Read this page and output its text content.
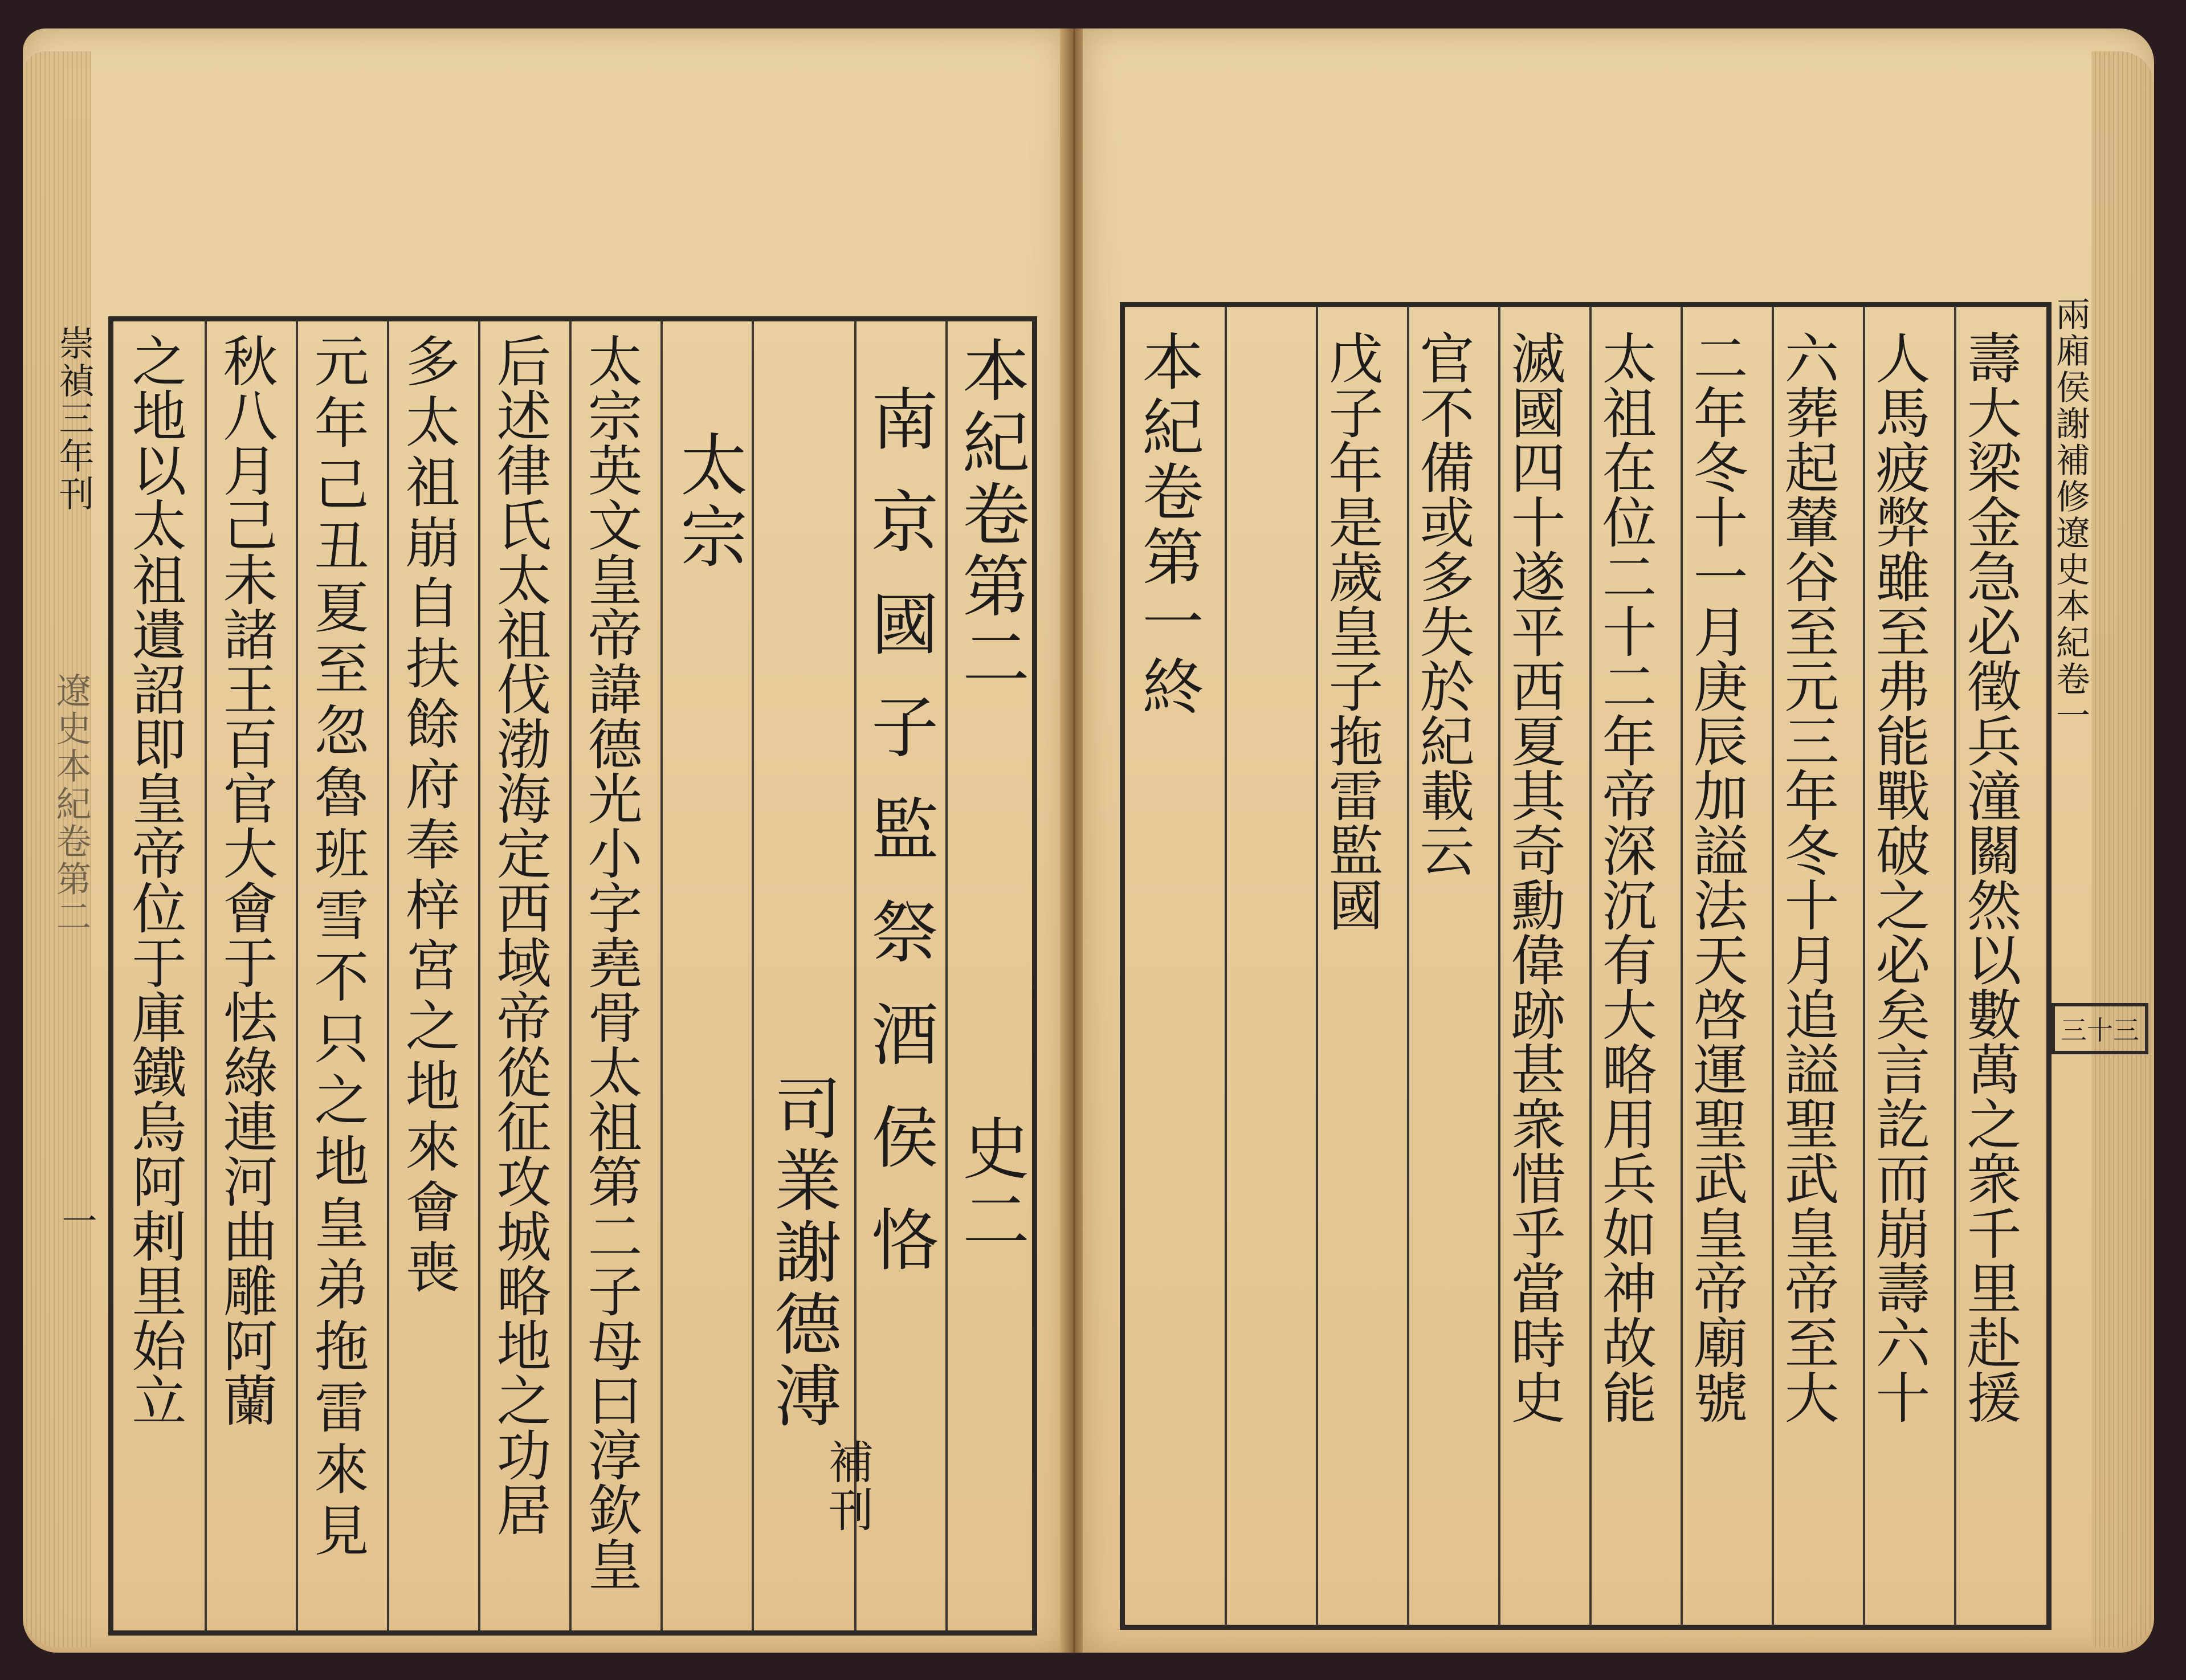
崇禎三年刊
遼史本紀卷第二
一
本紀卷第二
史二
南京國子監祭酒侯恪
司業謝德溥
補刊
太宗
太宗英文皇帝諱德光小字堯骨太祖第二子母曰淳欽皇
后述律氏太祖伐渤海定西域帝從征攻城略地之功居
多太祖崩自扶餘府奉梓宮之地來會喪
元年己丑夏至忽魯班雪不只之地皇弟拖雷來見
秋八月己未諸王百官大會于怯綠連河曲雕阿蘭
之地以太祖遺詔即皇帝位于庫鐵烏阿剌里始立	壽大梁金急必徵兵潼關然以數萬之衆千里赴援
人馬疲弊雖至弗能戰破之必矣言訖而崩壽六十
六葬起輦谷至元三年冬十月追謚聖武皇帝至大
二年冬十一月庚辰加謚法天啓運聖武皇帝廟號
太祖在位二十二年帝深沉有大略用兵如神故能
滅國四十遂平西夏其奇勳偉跡甚衆惜乎當時史
官不備或多失於紀載云
戊子年是歲皇子拖雷監國
本紀卷第一終	兩廂侯謝補修遼史本紀卷一
三十三
